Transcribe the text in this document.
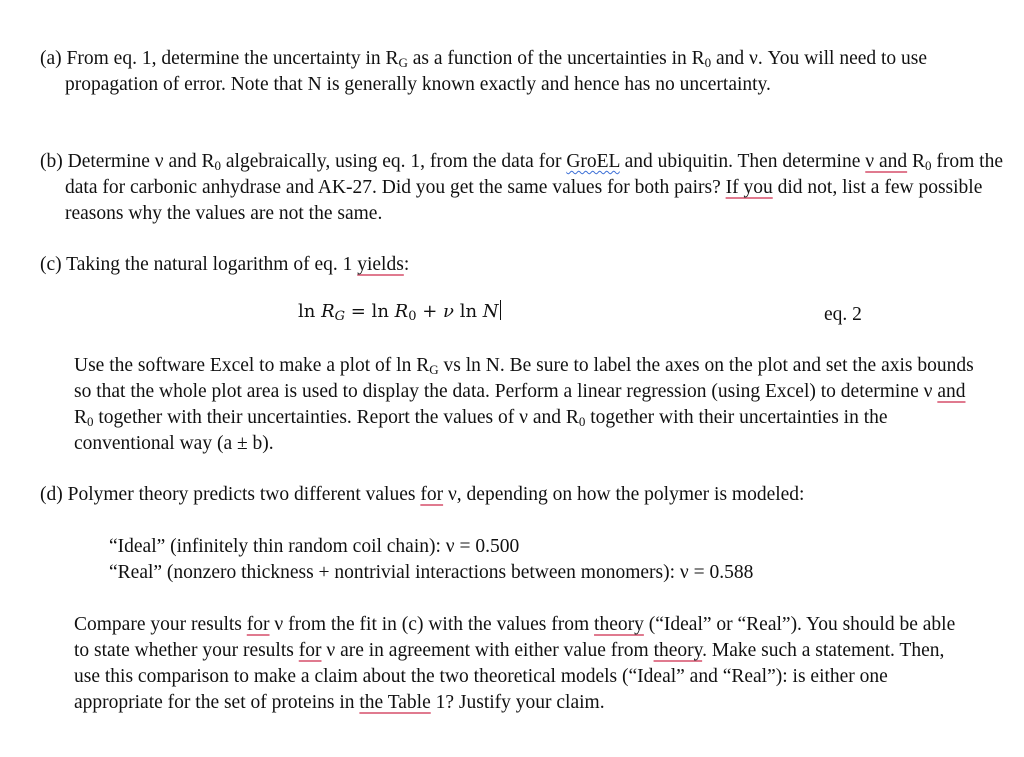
(a) From eq. 1, determine the uncertainty in $R_G$ as a function of the uncertainties in $R_0$ and ν. You will need to use propagation of error. Note that N is generally known exactly and hence has no uncertainty.
(b) Determine ν and $R_0$ algebraically, using eq. 1, from the data for GroEL and ubiquitin. Then determine ν and $R_0$ from the data for carbonic anhydrase and AK-27. Did you get the same values for both pairs? If you did not, list a few possible reasons why the values are not the same.
(c) Taking the natural logarithm of eq. 1 yields:
$\ln R_G = \ln R_0 + \nu$ ln N	eq. 2
Use the software Excel to make a plot of $\ln R_G$ vs ln N. Be sure to label the axes on the plot and set the axis bounds so that the whole plot area is used to display the data. Perform a linear regression (using Excel) to determine ν and $R_0$ together with their uncertainties. Report the values of ν and $R_0$ together with their uncertainties in the conventional way (a ± b).
(d) Polymer theory predicts two different values for ν, depending on how the polymer is modeled:
“Ideal” (infinitely thin random coil chain): ν = 0.500
“Real” (nonzero thickness + nontrivial interactions between monomers): ν = 0.588
Compare your results for ν from the fit in (c) with the values from theory (“Ideal” or “Real”). You should be able to state whether your results for ν are in agreement with either value from theory. Make such a statement. Then, use this comparison to make a claim about the two theoretical models (“Ideal” and “Real”): is either one appropriate for the set of proteins in the Table 1? Justify your claim.
